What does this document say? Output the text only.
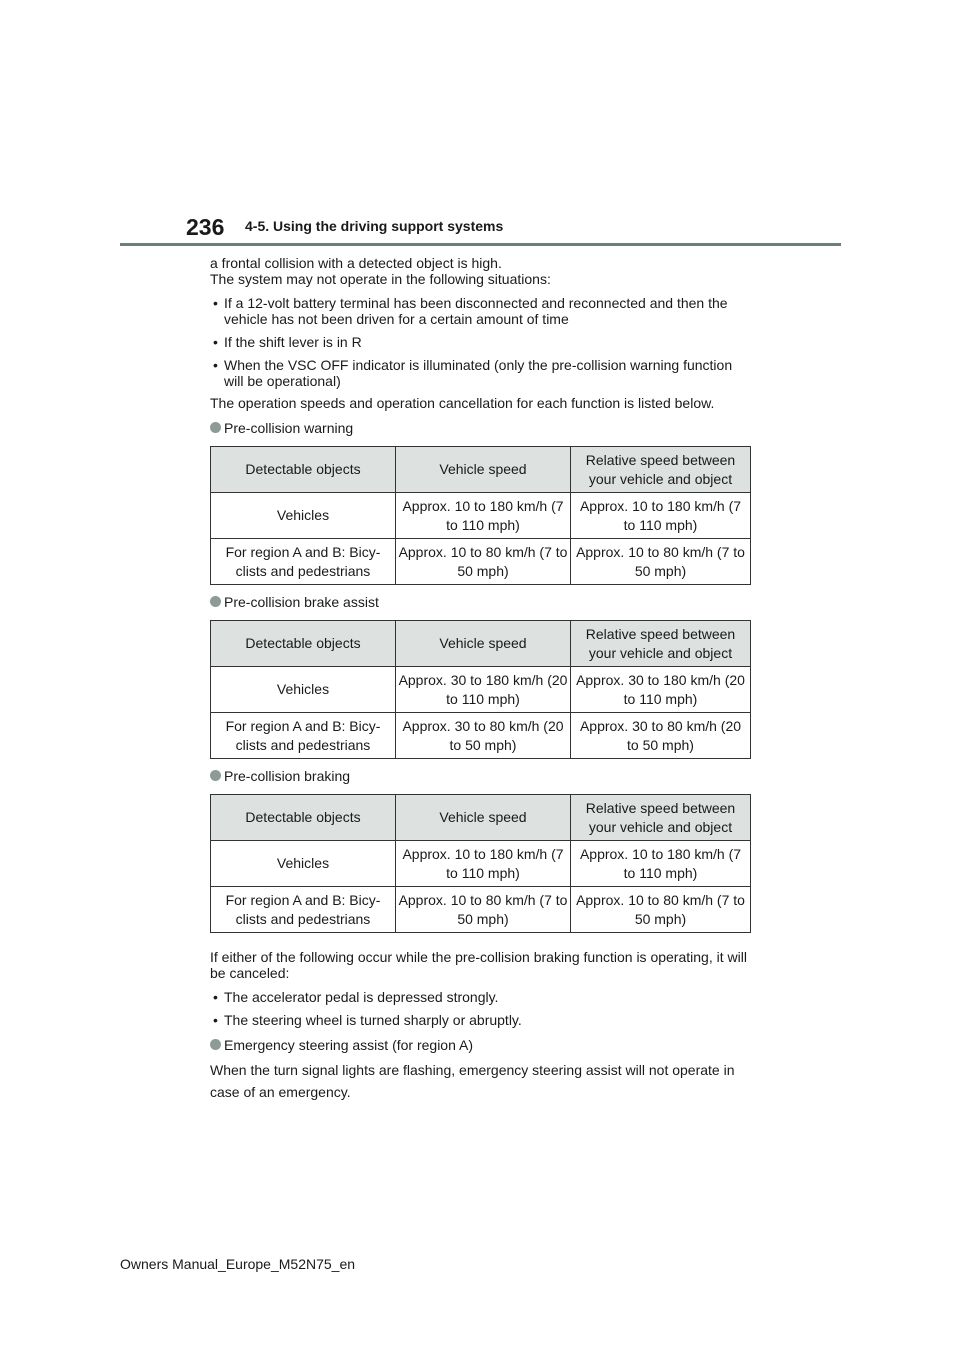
236 4-5. Using the driving support systems

a frontal collision with a detected object is high.

The system may not operate in the following situations:

• If a 12-volt battery terminal has been disconnected and reconnected and then the vehicle has not been driven for a certain amount of time
• If the shift lever is in R
• When the VSC OFF indicator is illuminated (only the pre-collision warning function will be operational)

The operation speeds and operation cancellation for each function is listed below.

Pre-collision warning
Detectable objects	Vehicle speed	Relative speed between your vehicle and object
Vehicles	Approx. 10 to 180 km/h (7 to 110 mph)	Approx. 10 to 180 km/h (7 to 110 mph)
For region A and B: Bicy- clists and pedestrians	Approx. 10 to 80 km/h (7 to 50 mph)	Approx. 10 to 80 km/h (7 to 50 mph)
Pre-collision brake assist
Detectable objects	Vehicle speed	Relative speed between your vehicle and object
Vehicles	Approx. 30 to 180 km/h (20 to 110 mph)	Approx. 30 to 180 km/h (20 to 110 mph)
For region A and B: Bicy- clists and pedestrians	Approx. 30 to 80 km/h (20 to 50 mph)	Approx. 30 to 80 km/h (20 to 50 mph)
Pre-collision braking
Detectable objects	Vehicle speed	Relative speed between your vehicle and object
Vehicles	Approx. 10 to 180 km/h (7 to 110 mph)	Approx. 10 to 180 km/h (7 to 110 mph)
For region A and B: Bicy- clists and pedestrians	Approx. 10 to 80 km/h (7 to 50 mph)	Approx. 10 to 80 km/h (7 to 50 mph)

If either of the following occur while the pre-collision braking function is operating, it will be canceled:

• The accelerator pedal is depressed strongly.
• The steering wheel is turned sharply or abruptly.
Emergency steering assist (for region A)

When the turn signal lights are flashing, emergency steering assist will not operate in case of an emergency.

Owners Manual_Europe_M52N75_en
